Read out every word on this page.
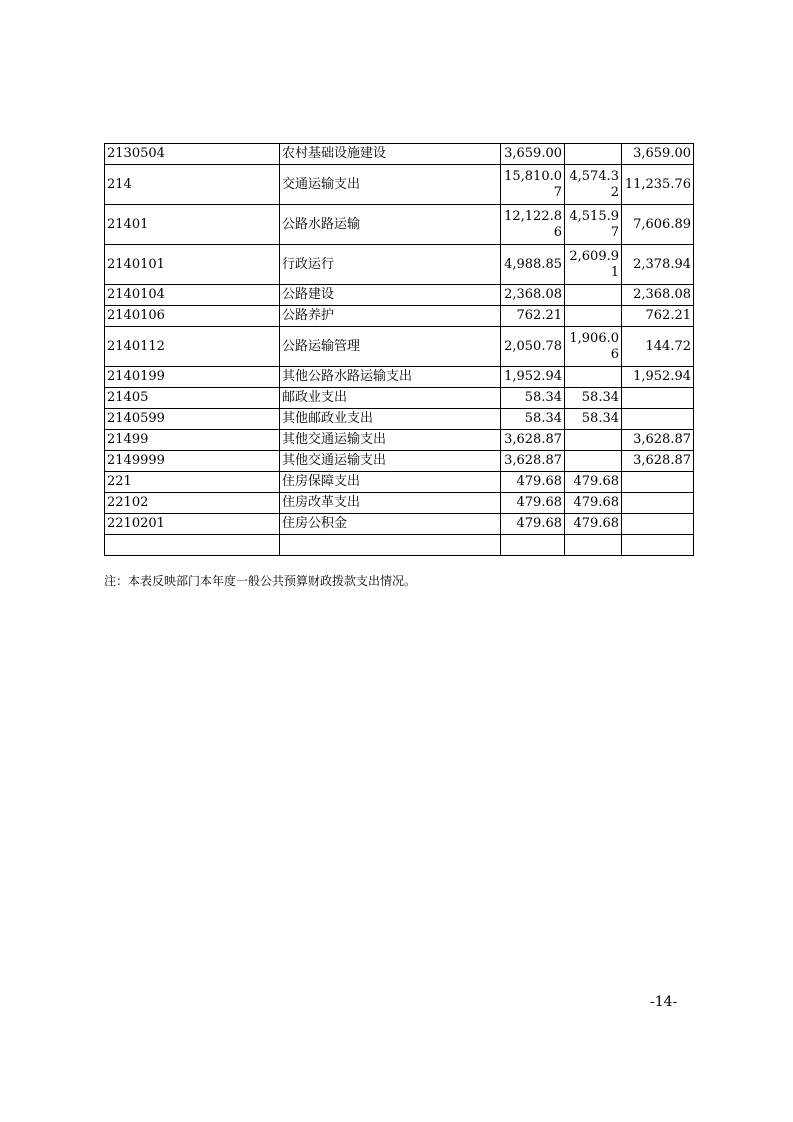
2130504	农村基础设施建设	3,659.00		3,659.00
214	交通运输支出	15,810.07	4,574.32	11,235.76
21401	公路水路运输	12,122.86	4,515.97	7,606.89
2140101	行政运行	4,988.85	2,609.91	2,378.94
2140104	公路建设	2,368.08		2,368.08
2140106	公路养护	762.21		762.21
2140112	公路运输管理	2,050.78	1,906.06	144.72
2140199	其他公路水路运输支出	1,952.94		1,952.94
21405	邮政业支出	58.34	58.34	
2140599	其他邮政业支出	58.34	58.34	
21499	其他交通运输支出	3,628.87		3,628.87
2149999	其他交通运输支出	3,628.87		3,628.87
221	住房保障支出	479.68	479.68	
22102	住房改革支出	479.68	479.68	
2210201	住房公积金	479.68	479.68	

注：本表反映部门本年度一般公共预算财政拨款支出情况。
-14-
